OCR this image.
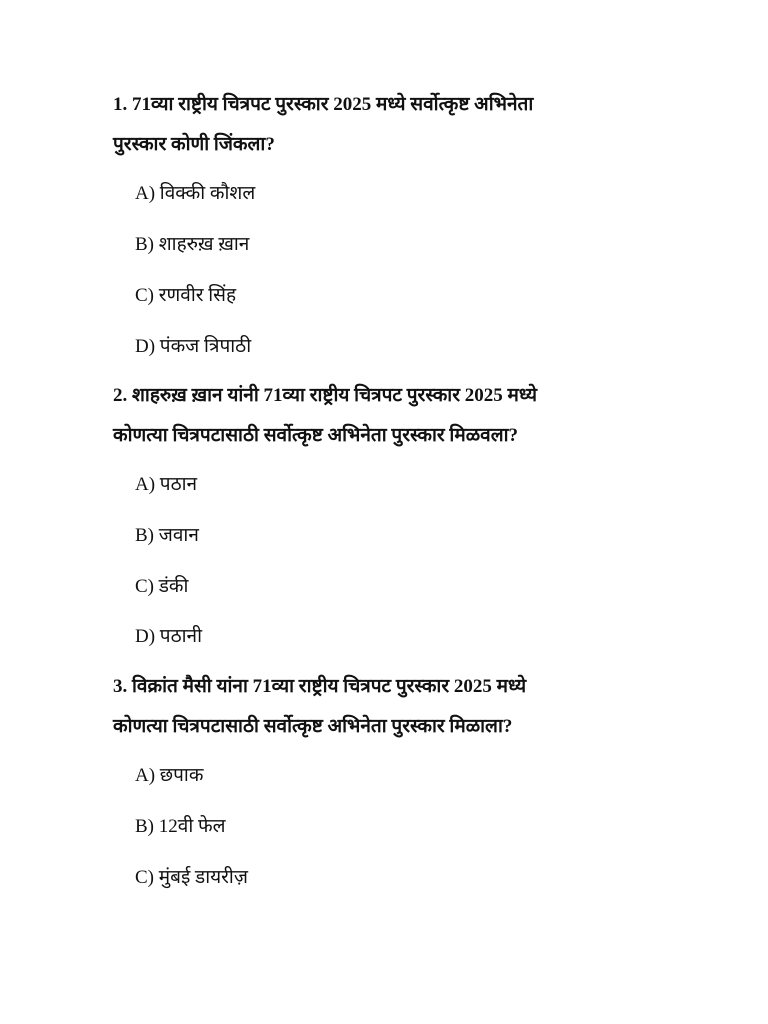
1. 71व्या राष्ट्रीय चित्रपट पुरस्कार 2025 मध्ये सर्वोत्कृष्ट अभिनेता
पुरस्कार कोणी जिंकला?
A) विक्की कौशल
B) शाहरुख़ ख़ान
C) रणवीर सिंह
D) पंकज त्रिपाठी
2. शाहरुख़ ख़ान यांनी 71व्या राष्ट्रीय चित्रपट पुरस्कार 2025 मध्ये
कोणत्या चित्रपटासाठी सर्वोत्कृष्ट अभिनेता पुरस्कार मिळवला?
A) पठान
B) जवान
C) डंकी
D) पठानी
3. विक्रांत मैसी यांना 71व्या राष्ट्रीय चित्रपट पुरस्कार 2025 मध्ये
कोणत्या चित्रपटासाठी सर्वोत्कृष्ट अभिनेता पुरस्कार मिळाला?
A) छपाक
B) 12वी फेल
C) मुंबई डायरीज़
